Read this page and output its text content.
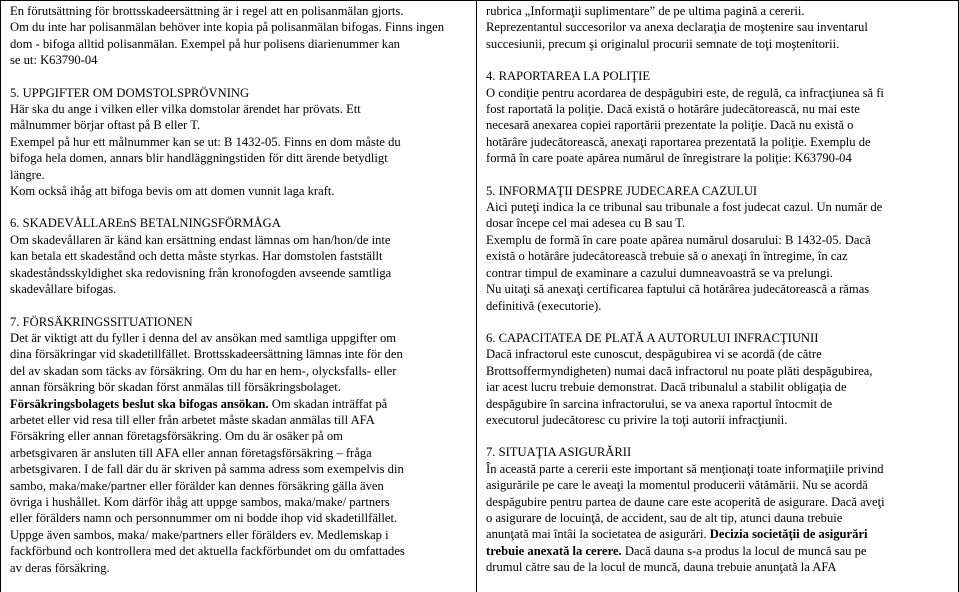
En förutsättning för brottsskadeersättning är i regel att en polisanmälan gjorts.

Om du inte har polisanmälan behöver inte kopia på polisanmälan bifogas. Finns ingen

dom - bifoga alltid polisanmälan. Exempel på hur polisens diarienummer kan

se ut: K63790-04

5. UPPGIFTER OM DOMSTOLSPRÖVNING

Här ska du ange i vilken eller vilka domstolar ärendet har prövats. Ett

målnummer börjar oftast på B eller T.

Exempel på hur ett målnummer kan se ut: B 1432-05. Finns en dom måste du

bifoga hela domen, annars blir handläggningstiden för ditt ärende betydligt

längre.

Kom också ihåg att bifoga bevis om att domen vunnit laga kraft.

6. SKADEVÅLLAREnS BETALNINGSFÖRMÅGA

Om skadevållaren är känd kan ersättning endast lämnas om han/hon/de inte

kan betala ett skadestånd och detta måste styrkas. Har domstolen fastställt

skadeståndsskyldighet ska redovisning från kronofogden avseende samtliga

skadevållare bifogas.

7. FÖRSÄKRINGSSITUATIONEN

Det är viktigt att du fyller i denna del av ansökan med samtliga uppgifter om

dina försäkringar vid skadetillfället. Brottsskadeersättning lämnas inte för den

del av skadan som täcks av försäkring. Om du har en hem-, olycksfalls- eller

annan försäkring bör skadan först anmälas till försäkringsbolaget.

Försäkringsbolagets beslut ska bifogas ansökan. Om skadan inträffat på

arbetet eller vid resa till eller från arbetet måste skadan anmälas till AFA

Försäkring eller annan företagsförsäkring. Om du är osäker på om

arbetsgivaren är ansluten till AFA eller annan företagsförsäkring – fråga

arbetsgivaren. I de fall där du är skriven på samma adress som exempelvis din

sambo, maka/make/partner eller förälder kan dennes försäkring gälla även

övriga i hushållet. Kom därför ihåg att uppge sambos, maka/make/ partners

eller förälders namn och personnummer om ni bodde ihop vid skadetillfället.

Uppge även sambos, maka/ make/partners eller förälders ev. Medlemskap i

fackförbund och kontrollera med det aktuella fackförbundet om du omfattades

av deras försäkring.

rubrica „Informaţii suplimentare” de pe ultima pagină a cererii.

Reprezentantul succesorilor va anexa declaraţia de moştenire sau inventarul

succesiunii, precum şi originalul procurii semnate de toţi moştenitorii.

4. RAPORTAREA LA POLIŢIE

O condiţie pentru acordarea de despăgubiri este, de regulă, ca infracţiunea să fi

fost raportată la poliţie. Dacă există o hotărâre judecătorească, nu mai este

necesară anexarea copiei raportării prezentate la poliţie. Dacă nu există o

hotărâre judecătorească, anexaţi raportarea prezentată la poliţie. Exemplu de

formă în care poate apărea numărul de înregistrare la poliţie: K63790-04

5. INFORMAŢII DESPRE JUDECAREA CAZULUI

Aici puteţi indica la ce tribunal sau tribunale a fost judecat cazul. Un număr de

dosar începe cel mai adesea cu B sau T.

Exemplu de formă în care poate apărea numărul dosarului: B 1432-05. Dacă

există o hotărâre judecătorească trebuie să o anexaţi în întregime, în caz

contrar timpul de examinare a cazului dumneavoastră se va prelungi.

Nu uitaţi să anexaţi certificarea faptului că hotărârea judecătorească a rămas

definitivă (executorie).

6. CAPACITATEA DE PLATĂ A AUTORULUI INFRACŢIUNII

Dacă infractorul este cunoscut, despăgubirea vi se acordă (de către

Brottsoffermyndigheten) numai dacă infractorul nu poate plăti despăgubirea,

iar acest lucru trebuie demonstrat. Dacă tribunalul a stabilit obligaţia de

despăgubire în sarcina infractorului, se va anexa raportul întocmit de

executorul judecătoresc cu privire la toţi autorii infracţiunii.

7. SITUAŢIA ASIGURĂRII

În această parte a cererii este important să menţionaţi toate informaţiile privind

asigurările pe care le aveaţi la momentul producerii vătămării. Nu se acordă

despăgubire pentru partea de daune care este acoperită de asigurare. Dacă aveţi

o asigurare de locuinţă, de accident, sau de alt tip, atunci dauna trebuie

anunţată mai întâi la societatea de asigurări. Decizia societăţii de asigurări

trebuie anexată la cerere. Dacă dauna s-a produs la locul de muncă sau pe

drumul către sau de la locul de muncă, dauna trebuie anunţată la AFA
